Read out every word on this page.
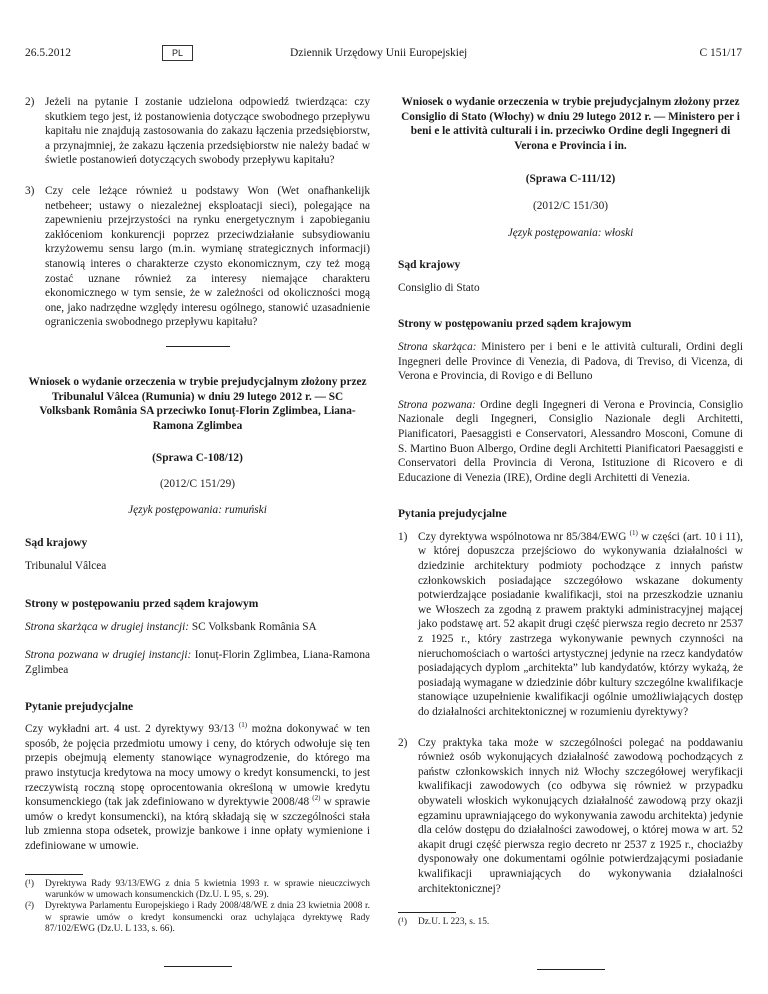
26.5.2012	PL	Dziennik Urzędowy Unii Europejskiej	C 151/17
2) Jeżeli na pytanie I zostanie udzielona odpowiedź twierdząca: czy skutkiem tego jest, iż postanowienia dotyczące swobodnego przepływu kapitału nie znajdują zastosowania do zakazu łączenia przedsiębiorstw, a przynajmniej, że zakazu łączenia przedsiębiorstw nie należy badać w świetle postanowień dotyczących swobody przepływu kapitału?
3) Czy cele leżące również u podstawy Won (Wet onafhankelijk netbeheer; ustawy o niezależnej eksploatacji sieci), polegające na zapewnieniu przejrzystości na rynku energetycznym i zapobieganiu zakłóceniom konkurencji poprzez przeciwdziałanie subsydiowaniu krzyżowemu sensu largo (m.in. wymianę strategicznych informacji) stanowią interes o charakterze czysto ekonomicznym, czy też mogą zostać uznane również za interesy niemające charakteru ekonomicznego w tym sensie, że w zależności od okoliczności mogą one, jako nadrzędne względy interesu ogólnego, stanowić uzasadnienie ograniczenia swobodnego przepływu kapitału?

Wniosek o wydanie orzeczenia w trybie prejudycjalnym złożony przez Tribunalul Vâlcea (Rumunia) w dniu 29 lutego 2012 r. — SC Volksbank România SA przeciwko Ionuț-Florin Zglimbea, Liana-Ramona Zglimbea

(Sprawa C-108/12)

(2012/C 151/29)

Język postępowania: rumuński

Sąd krajowy

Tribunalul Vâlcea

Strony w postępowaniu przed sądem krajowym

Strona skarżąca w drugiej instancji: SC Volksbank România SA

Strona pozwana w drugiej instancji: Ionuț-Florin Zglimbea, Liana-Ramona Zglimbea

Pytanie prejudycjalne

Czy wykładni art. 4 ust. 2 dyrektywy 93/13 $^{(1)}$ można dokonywać w ten sposób, że pojęcia przedmiotu umowy i ceny, do których odwołuje się ten przepis obejmują elementy stanowiące wynagrodzenie, do którego ma prawo instytucja kredytowa na mocy umowy o kredyt konsumencki, to jest rzeczywistą roczną stopę oprocentowania określoną w umowie kredytu konsumenckiego (tak jak zdefiniowano w dyrektywie 2008/48 $^{(2)}$ w sprawie umów o kredyt konsumencki), na którą składają się w szczególności stała lub zmienna stopa odsetek, prowizje bankowe i inne opłaty wymienione i zdefiniowane w umowie.

(¹)	Dyrektywa Rady 93/13/EWG z dnia 5 kwietnia 1993 r. w sprawie nieuczciwych warunków w umowach konsumenckich (Dz.U. L 95, s. 29).
(²)	Dyrektywa Parlamentu Europejskiego i Rady 2008/48/WE z dnia 23 kwietnia 2008 r. w sprawie umów o kredyt konsumencki oraz uchylająca dyrektywę Rady 87/102/EWG (Dz.U. L 133, s. 66).

Wniosek o wydanie orzeczenia w trybie prejudycjalnym złożony przez Consiglio di Stato (Włochy) w dniu 29 lutego 2012 r. — Ministero per i beni e le attività culturali i in. przeciwko Ordine degli Ingegneri di Verona e Provincia i in.

(Sprawa C-111/12)

(2012/C 151/30)

Język postępowania: włoski

Sąd krajowy

Consiglio di Stato

Strony w postępowaniu przed sądem krajowym

Strona skarżąca: Ministero per i beni e le attività culturali, Ordini degli Ingegneri delle Province di Venezia, di Padova, di Treviso, di Vicenza, di Verona e Provincia, di Rovigo e di Belluno

Strona pozwana: Ordine degli Ingegneri di Verona e Provincia, Consiglio Nazionale degli Ingegneri, Consiglio Nazionale degli Architetti, Pianificatori, Paesaggisti e Conservatori, Alessandro Mosconi, Comune di S. Martino Buon Albergo, Ordine degli Architetti Pianificatori Paesaggisti e Conservatori della Provincia di Verona, Istituzione di Ricovero e di Educazione di Venezia (IRE), Ordine degli Architetti di Venezia.

Pytania prejudycjalne
1) Czy dyrektywa wspólnotowa nr 85/384/EWG $^{(1)}$ w części (art. 10 i 11), w której dopuszcza przejściowo do wykonywania działalności w dziedzinie architektury podmioty pochodzące z innych państw członkowskich posiadające szczegółowo wskazane dokumenty potwierdzające posiadanie kwalifikacji, stoi na przeszkodzie uznaniu we Włoszech za zgodną z prawem praktyki administracyjnej mającej jako podstawę art. 52 akapit drugi część pierwsza regio decreto nr 2537 z 1925 r., który zastrzega wykonywanie pewnych czynności na nieruchomościach o wartości artystycznej jedynie na rzecz kandydatów posiadających dyplom „architekta” lub kandydatów, którzy wykażą, że posiadają wymagane w dziedzinie dóbr kultury szczególne kwalifikacje stanowiące uzupełnienie kwalifikacji ogólnie umożliwiających dostęp do działalności architektonicznej w rozumieniu dyrektywy?
2) Czy praktyka taka może w szczególności polegać na poddawaniu również osób wykonujących działalność zawodową pochodzących z państw członkowskich innych niż Włochy szczegółowej weryfikacji kwalifikacji zawodowych (co odbywa się również w przypadku obywateli włoskich wykonujących działalność zawodową przy okazji egzaminu uprawniającego do wykonywania zawodu architekta) jedynie dla celów dostępu do działalności zawodowej, o której mowa w art. 52 akapit drugi część pierwsza regio decreto nr 2537 z 1925 r., chociażby dysponowały one dokumentami ogólnie potwierdzającymi posiadanie kwalifikacji uprawniających do wykonywania działalności architektonicznej?
(¹)	Dz.U. L 223, s. 15.
